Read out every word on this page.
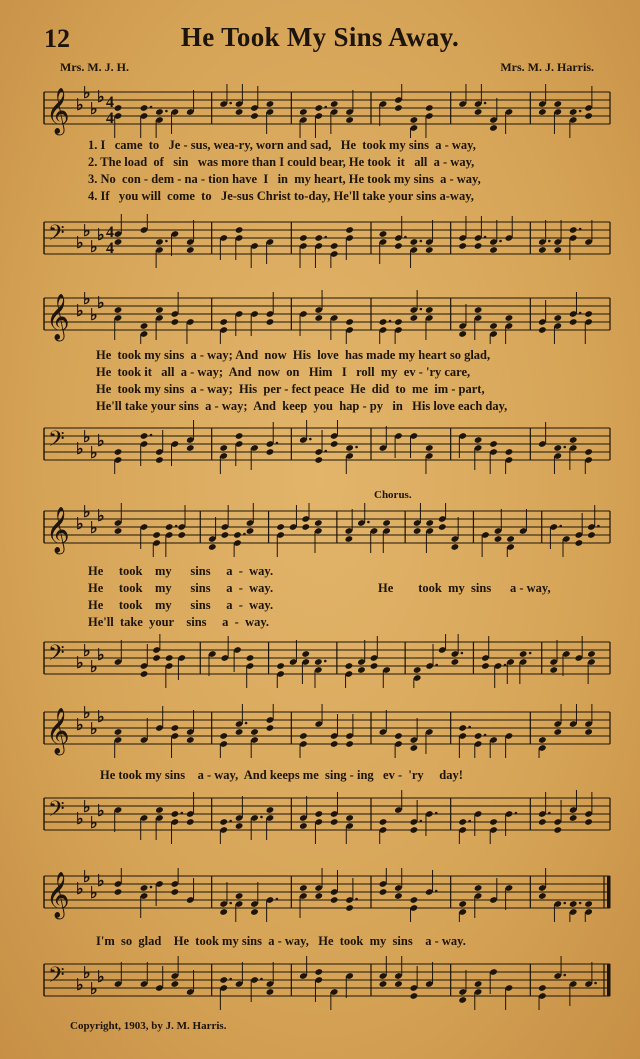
12	He Took My Sins Away.
Mrs. M. J. H.	Mrs. M. J. Harris.
𝄞 ♭
♭
♭
♭ 4
4
1. I   came  to   Je - sus, wea-ry, worn and sad,   He  took my sins  a - way,
2. The load  of   sin   was more than I could bear, He took  it   all  a - way,
3. No  con - dem - na - tion have  I   in  my heart, He took my sins  a - way,
4. If   you will  come  to   Je-sus Christ to-day, He'll take your sins a-way,
𝄢 ♭
♭
♭
♭ 4
4
𝄞 ♭
♭
♭
♭
He  took my sins  a - way; And  now  His  love  has made my heart so glad,
He  took it   all  a - way;  And  now  on   Him   I   roll  my  ev - 'ry care,
He  took my sins  a - way;  His  per - fect peace  He  did  to  me  im - part,
He'll take your sins  a - way;  And  keep  you  hap - py   in   His love each day,
𝄢 ♭
♭
♭
♭
Chorus.
𝄞 ♭
♭
♭
♭
He     took    my      sins     a  -  way.
He     took    my      sins     a  -  way.
He     took    my      sins     a  -  way.
He'll  take  your    sins     a  -  way.
He        took  my  sins      a - way,
𝄢 ♭
♭
♭
♭
𝄞 ♭
♭
♭
♭
He took my sins    a - way,  And keeps me  sing - ing   ev -  'ry     day!
𝄢 ♭
♭
♭
♭
𝄞 ♭
♭
♭
♭
I'm  so  glad    He  took my sins  a - way,   He  took  my  sins    a - way.
𝄢 ♭
♭
♭
♭
Copyright, 1903, by J. M. Harris.
